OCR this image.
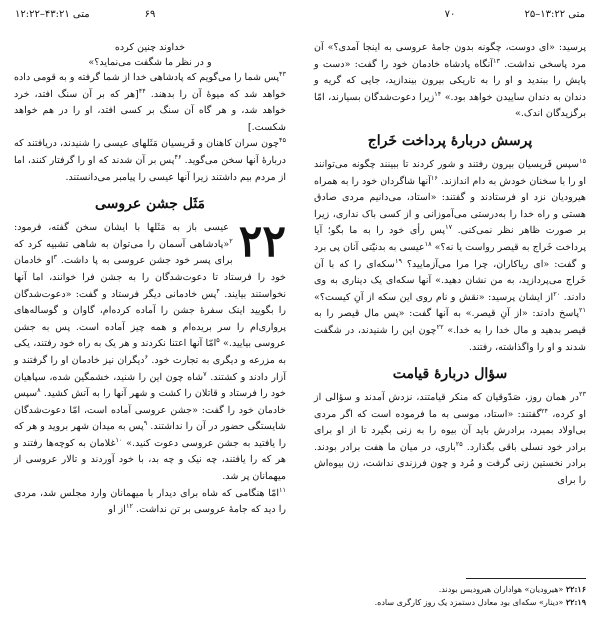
متی ۴۳:۲۱–۱۲:۲۲	۶۹
خداوند چنین کرده
و در نظر ما شگفت می‌نماید؟»

$^{۴۳}$پس شما را می‌گویم که پادشاهی خدا از شما گرفته و به قومی داده خواهد شد که میوهٔ آن را بدهند. $^{۴۴}$[هر که بر آن سنگ افتد، خرد خواهد شد، و هر گاه آن سنگ بر کسی افتد، او را در هم خواهد شکست.]

$^{۴۵}$چون سران کاهنان و فَریسیان مَثَلهای عیسی را شنیدند، دریافتند که دربارهٔ آنها سخن می‌گوید. $^{۴۶}$پس بر آن شدند که او را گرفتار کنند، اما از مردم بیم داشتند زیرا آنها عیسی را پیامبر می‌دانستند.

مَثَل جشن عروسی

۲۲
عیسی باز به مَثَلها با ایشان سخن گفته، فرمود: $^۲$«پادشاهی آسمان را می‌توان به شاهی تشبیه کرد که برای پسر خود جشن عروسی به پا داشت. $^۳$او خادمان خود را فرستاد تا دعوت‌شدگان را به جشن فرا خوانند، اما آنها نخواستند بیایند. $^۴$پس خادمانی دیگر فرستاد و گفت: «دعوت‌شدگان را بگویید اینک سفرهٔ جشن را آماده کرده‌ام، گاوان و گوساله‌های پرواری‌ام را سر بریده‌ام و همه چیز آماده است. پس به جشن عروسی بیایید.» $^۵$امّا آنها اعتنا نکردند و هر یک به راه خود رفتند، یکی به مزرعه و دیگری به تجارت خود. $^۶$دیگران نیز خادمان او را گرفتند و آزار دادند و کشتند. $^۷$شاه چون این را شنید، خشمگین شده، سپاهیان خود را فرستاد و قاتلان را کشت و شهر آنها را به آتش کشید. $^۸$سپس خادمان خود را گفت: «جشن عروسی آماده است، امّا دعوت‌شدگان شایستگی حضور در آن را نداشتند. $^۹$پس به میدان شهر بروید و هر که را یافتید به جشن عروسی دعوت کنید.» $^{۱۰}$غلامان به کوچه‌ها رفتند و هر که را یافتند، چه نیک و چه بد، با خود آوردند و تالار عروسی از میهمانان پر شد.

$^{۱۱}$امّا هنگامی که شاه برای دیدار با میهمانان وارد مجلس شد، مردی را دید که جامهٔ عروسی بر تن نداشت. $^{۱۲}$از او

۷۰	متی ۱۳:۲۲–۲۵

پرسید: «ای دوست، چگونه بدون جامهٔ عروسی به اینجا آمدی؟» آن مرد پاسخی نداشت. $^{۱۳}$آنگاه پادشاه خادمان خود را گفت: «دست و پایش را ببندید و او را به تاریکی بیرون بیندازید، جایی که گریه و دندان به دندان ساییدن خواهد بود.» $^{۱۴}$زیرا دعوت‌شدگان بسیارند، امّا برگزیدگان اندک.»

پرسش دربارهٔ پرداخت خَراج

$^{۱۵}$سپس فَریسیان بیرون رفتند و شور کردند تا ببینند چگونه می‌توانند او را با سخنان خودش به دام اندازند. $^{۱۶}$آنها شاگردان خود را به همراه هیرودیان نزد او فرستادند و گفتند: «استاد، می‌دانیم مردی صادق هستی و راه خدا را به‌درستی می‌آموزانی و از کسی باک نداری، زیرا بر صورت ظاهر نظر نمی‌کنی. $^{۱۷}$پس رأی خود را به ما بگو؛ آیا پرداخت خَراج به قیصر رواست یا نه؟» $^{۱۸}$عیسی به بدنیّتی آنان پی برد و گفت: «ای ریاکاران، چرا مرا می‌آزمایید؟ $^{۱۹}$سکه‌ای را که با آن خَراج می‌پردازید، به من نشان دهید.» آنها سکه‌ای یک دیناری به وی دادند. $^{۲۰}$از ایشان پرسید: «نقش و نام روی این سکه از آنِ کیست؟» $^{۲۱}$پاسخ دادند: «از آنِ قیصر.» به آنها گفت: «پس مال قیصر را به قیصر بدهید و مال خدا را به خدا.» $^{۲۲}$چون این را شنیدند، در شگفت شدند و او را واگذاشته، رفتند.

سؤال دربارهٔ قیامت

$^{۲۳}$در همان روز، صَدّوقیان که منکر قیامتند، نزدش آمدند و سؤالی از او کرده، $^{۲۴}$گفتند: «استاد، موسی به ما فرموده است که اگر مردی بی‌اولاد بمیرد، برادرش باید آن بیوه را به زنی بگیرد تا از او برای برادر خود نسلی باقی بگذارد. $^{۲۵}$باری، در میان ما هفت برادر بودند. برادر نخستین زنی گرفت و مُرد و چون فرزندی نداشت، زن بیوه‌اش را برای

۲۲:۱۶ «هیرودیان» هواداران هیرودیس بودند.
۲۲:۱۹ «دینار» سکه‌ای بود معادل دستمزد یک روز کارگری ساده.
